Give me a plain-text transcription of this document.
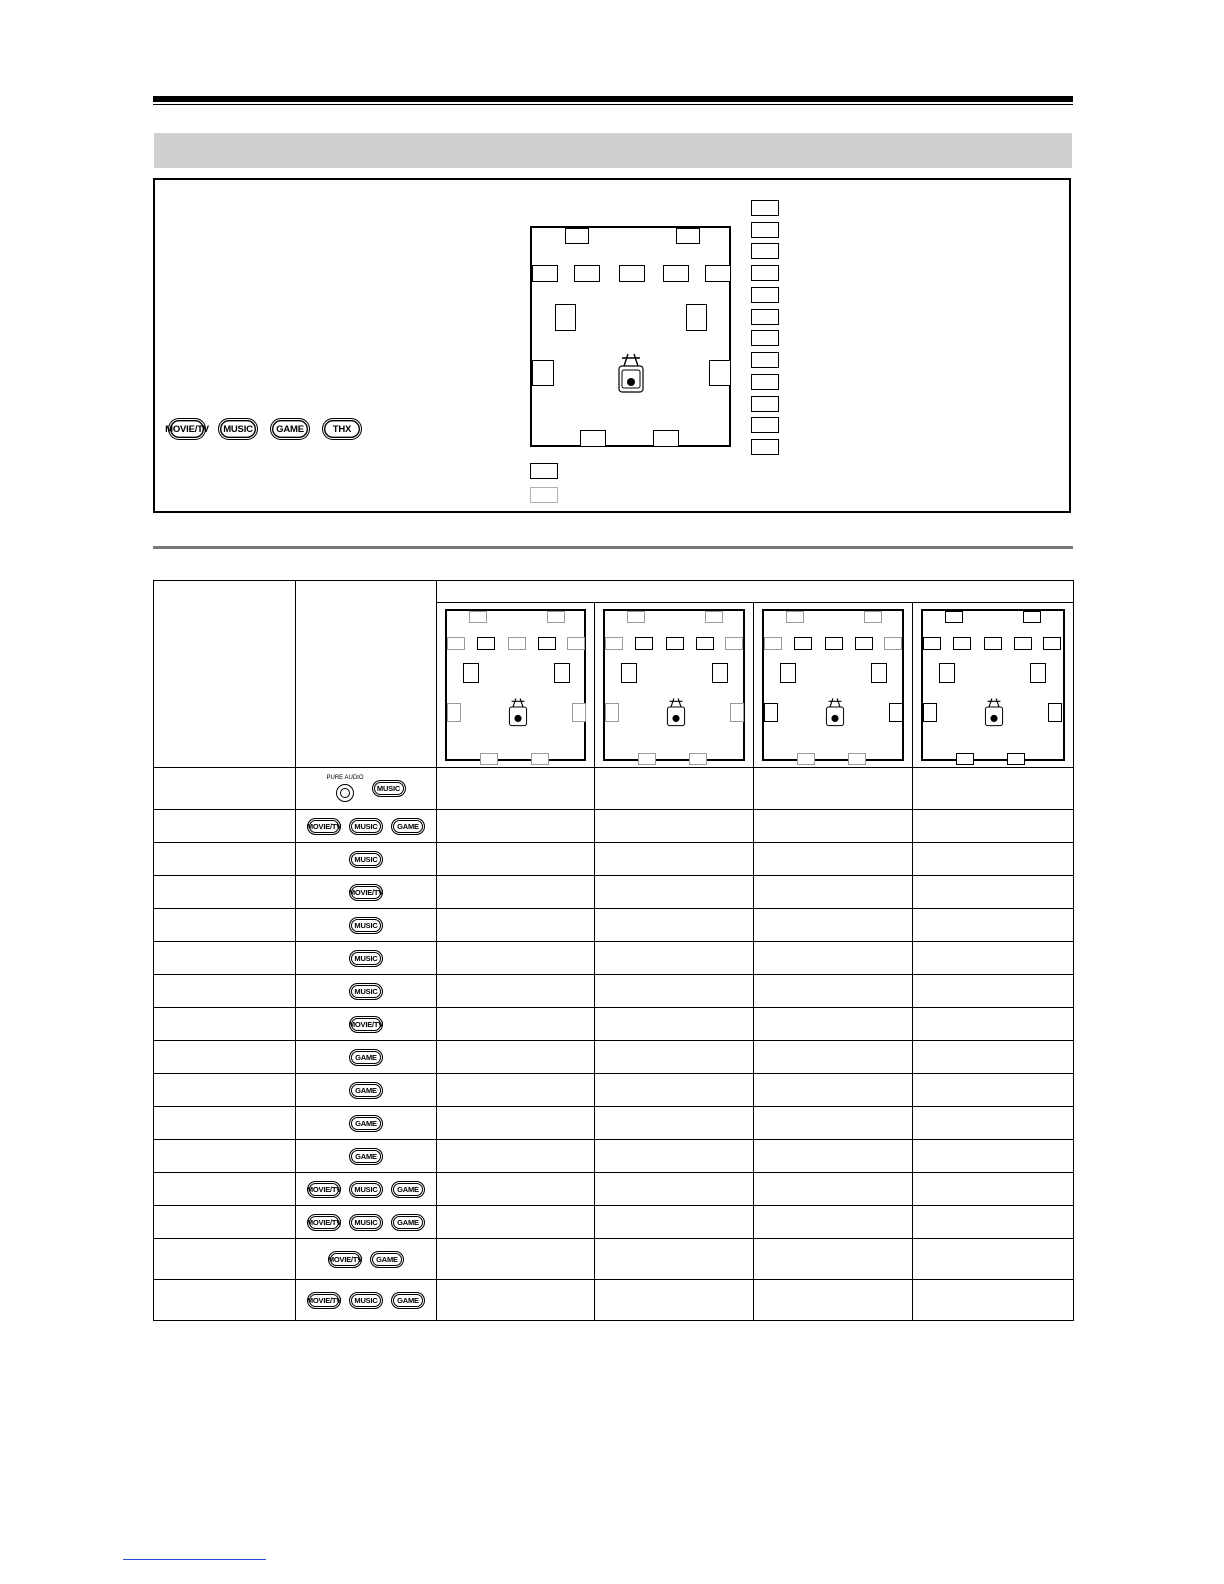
MOVIE/TV	MUSIC	GAME	THX

	PURE AUDIO
MUSIC				

MOVIE/TV MUSIC GAME				

MUSIC				

MOVIE/TV				

MUSIC				

MUSIC				

MUSIC				

MOVIE/TV				

GAME				

GAME				

GAME				

GAME				

MOVIE/TV MUSIC GAME				

MOVIE/TV MUSIC GAME				

MOVIE/TV GAME				

MOVIE/TV MUSIC GAME				
